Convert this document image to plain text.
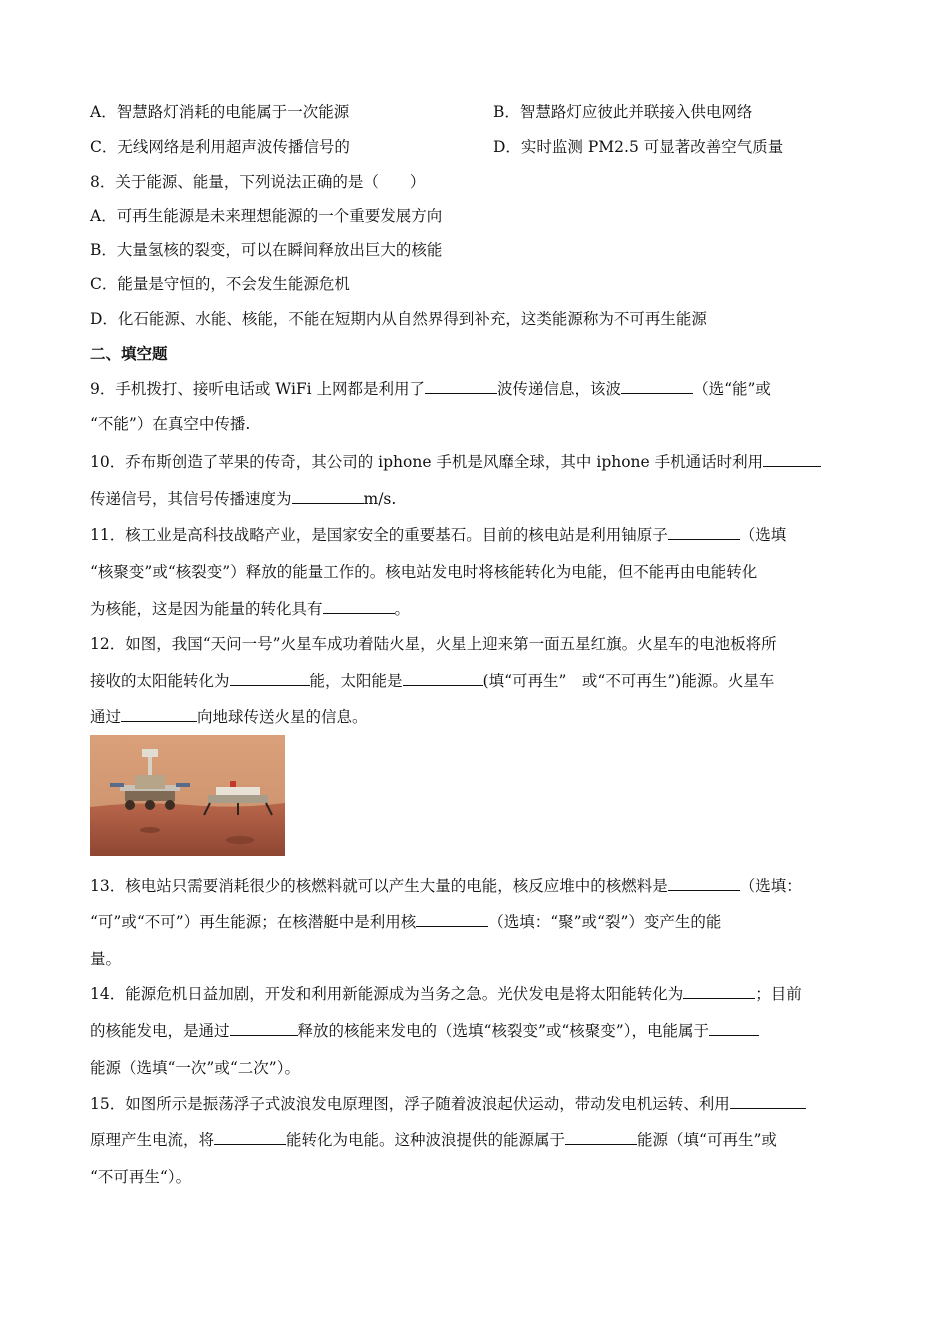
A．智慧路灯消耗的电能属于一次能源	B．智慧路灯应彼此并联接入供电网络
C．无线网络是利用超声波传播信号的	D．实时监测 PM2.5 可显著改善空气质量
8．关于能源、能量，下列说法正确的是（　　）
A．可再生能源是未来理想能源的一个重要发展方向
B．大量氢核的裂变，可以在瞬间释放出巨大的核能
C．能量是守恒的，不会发生能源危机
D．化石能源、水能、核能，不能在短期内从自然界得到补充，这类能源称为不可再生能源
二、填空题
9．手机拨打、接听电话或 WiFi 上网都是利用了	波传递信息，该波	（选“能”或
“不能”）在真空中传播.
10．乔布斯创造了苹果的传奇，其公司的 iphone 手机是风靡全球，其中 iphone 手机通话时利用
传递信号，其信号传播速度为	m/s.
11．核工业是高科技战略产业，是国家安全的重要基石。目前的核电站是利用铀原子	（选填
“核聚变”或“核裂变”）释放的能量工作的。核电站发电时将核能转化为电能，但不能再由电能转化
为核能，这是因为能量的转化具有	。
12．如图，我国“天问一号”火星车成功着陆火星，火星上迎来第一面五星红旗。火星车的电池板将所
接收的太阳能转化为	能，太阳能是	(填“可再生”　或“不可再生”)能源。火星车
通过	向地球传送火星的信息。
13．核电站只需要消耗很少的核燃料就可以产生大量的电能，核反应堆中的核燃料是	（选填：
“可”或“不可”）再生能源；在核潜艇中是利用核	（选填：“聚”或“裂”）变产生的能
量。
14．能源危机日益加剧，开发和利用新能源成为当务之急。光伏发电是将太阳能转化为	；目前
的核能发电，是通过	释放的核能来发电的（选填“核裂变”或“核聚变”），电能属于
能源（选填“一次”或“二次”）。
15．如图所示是振荡浮子式波浪发电原理图，浮子随着波浪起伏运动，带动发电机运转、利用
原理产生电流，将	能转化为电能。这种波浪提供的能源属于	能源（填“可再生”或
“不可再生“）。
